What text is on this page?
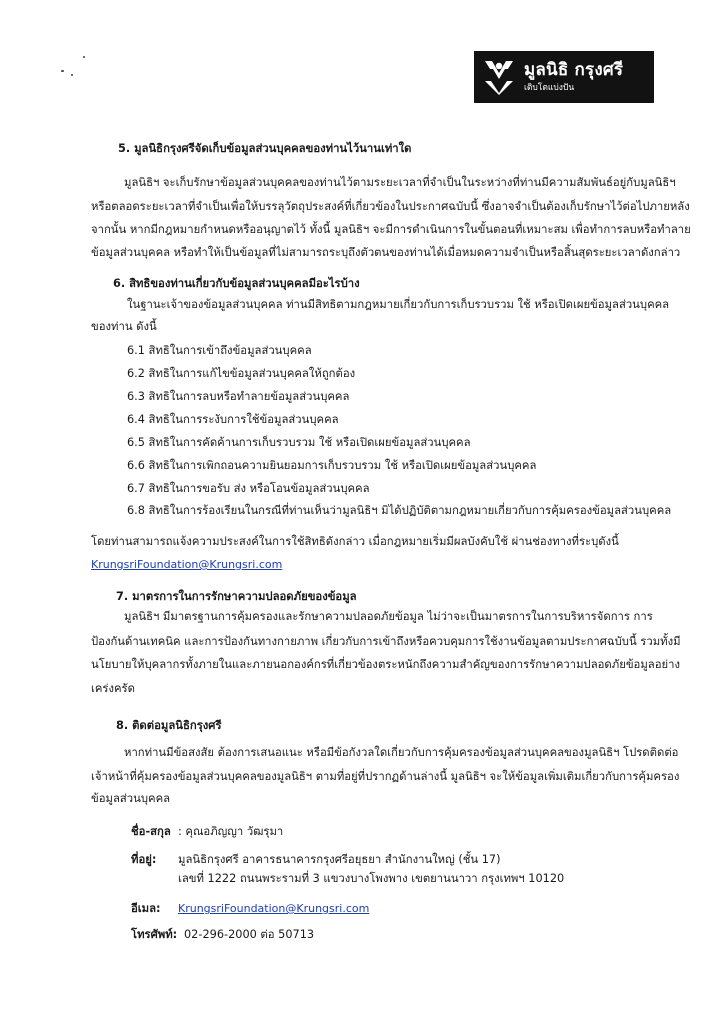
มูลนิธิ กรุงศรี
เติบโตแบ่งปัน
5. มูลนิธิกรุงศรีจัดเก็บข้อมูลส่วนบุคคลของท่านไว้นานเท่าใด
มูลนิธิฯ จะเก็บรักษาข้อมูลส่วนบุคคลของท่านไว้ตามระยะเวลาที่จำเป็นในระหว่างที่ท่านมีความสัมพันธ์อยู่กับมูลนิธิฯ
หรือตลอดระยะเวลาที่จำเป็นเพื่อให้บรรลุวัตถุประสงค์ที่เกี่ยวข้องในประกาศฉบับนี้ ซึ่งอาจจำเป็นต้องเก็บรักษาไว้ต่อไปภายหลัง
จากนั้น หากมีกฎหมายกำหนดหรืออนุญาตไว้ ทั้งนี้ มูลนิธิฯ จะมีการดำเนินการในขั้นตอนที่เหมาะสม เพื่อทำการลบหรือทำลาย
ข้อมูลส่วนบุคคล หรือทำให้เป็นข้อมูลที่ไม่สามารถระบุถึงตัวตนของท่านได้เมื่อหมดความจำเป็นหรือสิ้นสุดระยะเวลาดังกล่าว
6. สิทธิของท่านเกี่ยวกับข้อมูลส่วนบุคคลมีอะไรบ้าง
ในฐานะเจ้าของข้อมูลส่วนบุคคล ท่านมีสิทธิตามกฎหมายเกี่ยวกับการเก็บรวบรวม ใช้ หรือเปิดเผยข้อมูลส่วนบุคคล
ของท่าน ดังนี้
6.1 สิทธิในการเข้าถึงข้อมูลส่วนบุคคล
6.2 สิทธิในการแก้ไขข้อมูลส่วนบุคคลให้ถูกต้อง
6.3 สิทธิในการลบหรือทำลายข้อมูลส่วนบุคคล
6.4 สิทธิในการระงับการใช้ข้อมูลส่วนบุคคล
6.5 สิทธิในการคัดค้านการเก็บรวบรวม ใช้ หรือเปิดเผยข้อมูลส่วนบุคคล
6.6 สิทธิในการเพิกถอนความยินยอมการเก็บรวบรวม ใช้ หรือเปิดเผยข้อมูลส่วนบุคคล
6.7 สิทธิในการขอรับ ส่ง หรือโอนข้อมูลส่วนบุคคล
6.8 สิทธิในการร้องเรียนในกรณีที่ท่านเห็นว่ามูลนิธิฯ มิได้ปฏิบัติตามกฎหมายเกี่ยวกับการคุ้มครองข้อมูลส่วนบุคคล
โดยท่านสามารถแจ้งความประสงค์ในการใช้สิทธิดังกล่าว เมื่อกฎหมายเริ่มมีผลบังคับใช้ ผ่านช่องทางที่ระบุดังนี้
KrungsriFoundation@Krungsri.com
7. มาตรการในการรักษาความปลอดภัยของข้อมูล
มูลนิธิฯ มีมาตรฐานการคุ้มครองและรักษาความปลอดภัยข้อมูล ไม่ว่าจะเป็นมาตรการในการบริหารจัดการ การ
ป้องกันด้านเทคนิค และการป้องกันทางกายภาพ เกี่ยวกับการเข้าถึงหรือควบคุมการใช้งานข้อมูลตามประกาศฉบับนี้ รวมทั้งมี
นโยบายให้บุคลากรทั้งภายในและภายนอกองค์กรที่เกี่ยวข้องตระหนักถึงความสำคัญของการรักษาความปลอดภัยข้อมูลอย่าง
เคร่งครัด
8. ติดต่อมูลนิธิกรุงศรี
หากท่านมีข้อสงสัย ต้องการเสนอแนะ หรือมีข้อกังวลใดเกี่ยวกับการคุ้มครองข้อมูลส่วนบุคคลของมูลนิธิฯ โปรดติดต่อ
เจ้าหน้าที่คุ้มครองข้อมูลส่วนบุคคลของมูลนิธิฯ ตามที่อยู่ที่ปรากฏด้านล่างนี้ มูลนิธิฯ จะให้ข้อมูลเพิ่มเติมเกี่ยวกับการคุ้มครอง
ข้อมูลส่วนบุคคล
ชื่อ-สกุล : คุณอภิญญา วัฒรุมา
ที่อยู่: มูลนิธิกรุงศรี อาคารธนาคารกรุงศรีอยุธยา สำนักงานใหญ่ (ชั้น 17)
เลขที่ 1222 ถนนพระรามที่ 3 แขวงบางโพงพาง เขตยานนาวา กรุงเทพฯ 10120
อีเมล: KrungsriFoundation@Krungsri.com
โทรศัพท์: 02-296-2000 ต่อ 50713
